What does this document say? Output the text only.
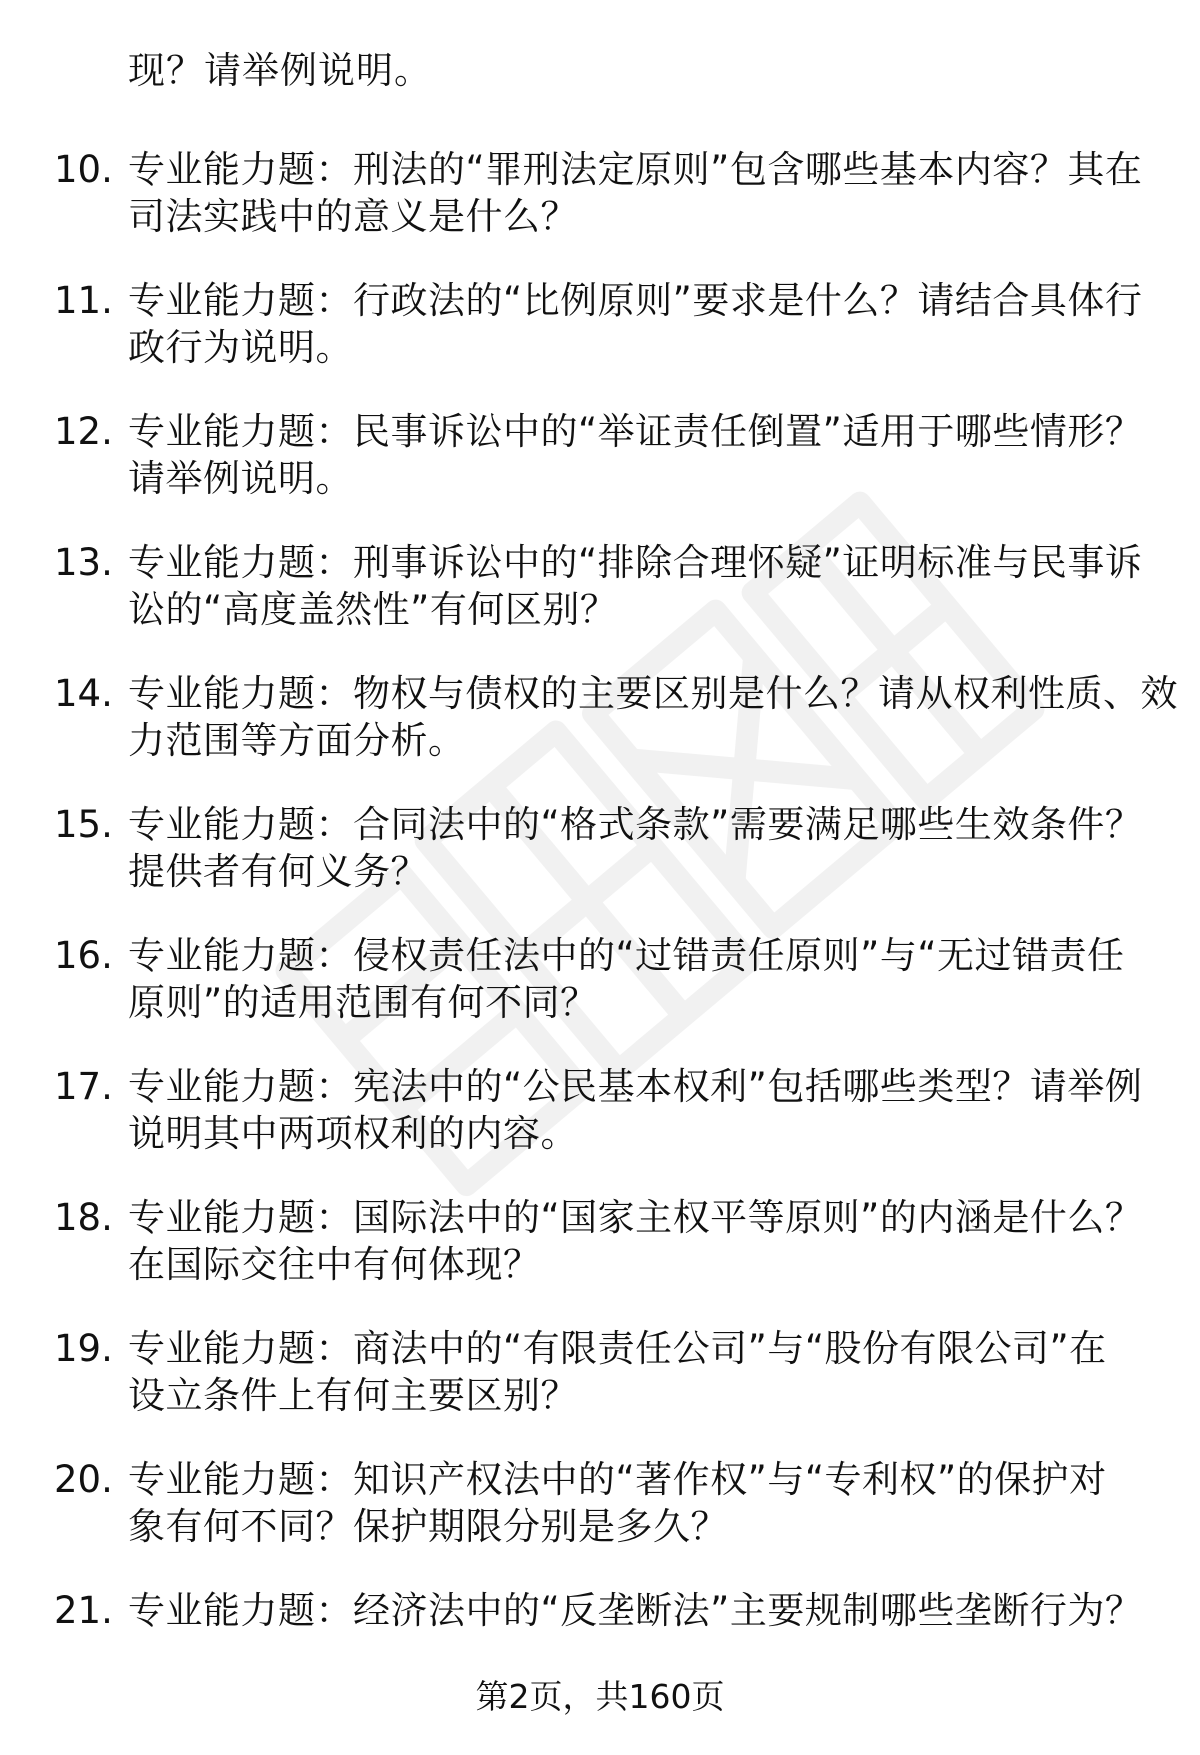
现？请举例说明。
10. 专业能力题：刑法的“罪刑法定原则”包含哪些基本内容？其在
司法实践中的意义是什么？
11. 专业能力题：行政法的“比例原则”要求是什么？请结合具体行
政行为说明。
12. 专业能力题：民事诉讼中的“举证责任倒置”适用于哪些情形？
请举例说明。
13. 专业能力题：刑事诉讼中的“排除合理怀疑”证明标准与民事诉
讼的“高度盖然性”有何区别？
14. 专业能力题：物权与债权的主要区别是什么？请从权利性质、效
力范围等方面分析。
15. 专业能力题：合同法中的“格式条款”需要满足哪些生效条件？
提供者有何义务？
16. 专业能力题：侵权责任法中的“过错责任原则”与“无过错责任
原则”的适用范围有何不同？
17. 专业能力题：宪法中的“公民基本权利”包括哪些类型？请举例
说明其中两项权利的内容。
18. 专业能力题：国际法中的“国家主权平等原则”的内涵是什么？
在国际交往中有何体现？
19. 专业能力题：商法中的“有限责任公司”与“股份有限公司”在
设立条件上有何主要区别？
20. 专业能力题：知识产权法中的“著作权”与“专利权”的保护对
象有何不同？保护期限分别是多久？
21. 专业能力题：经济法中的“反垄断法”主要规制哪些垄断行为？
第2页，共160页
